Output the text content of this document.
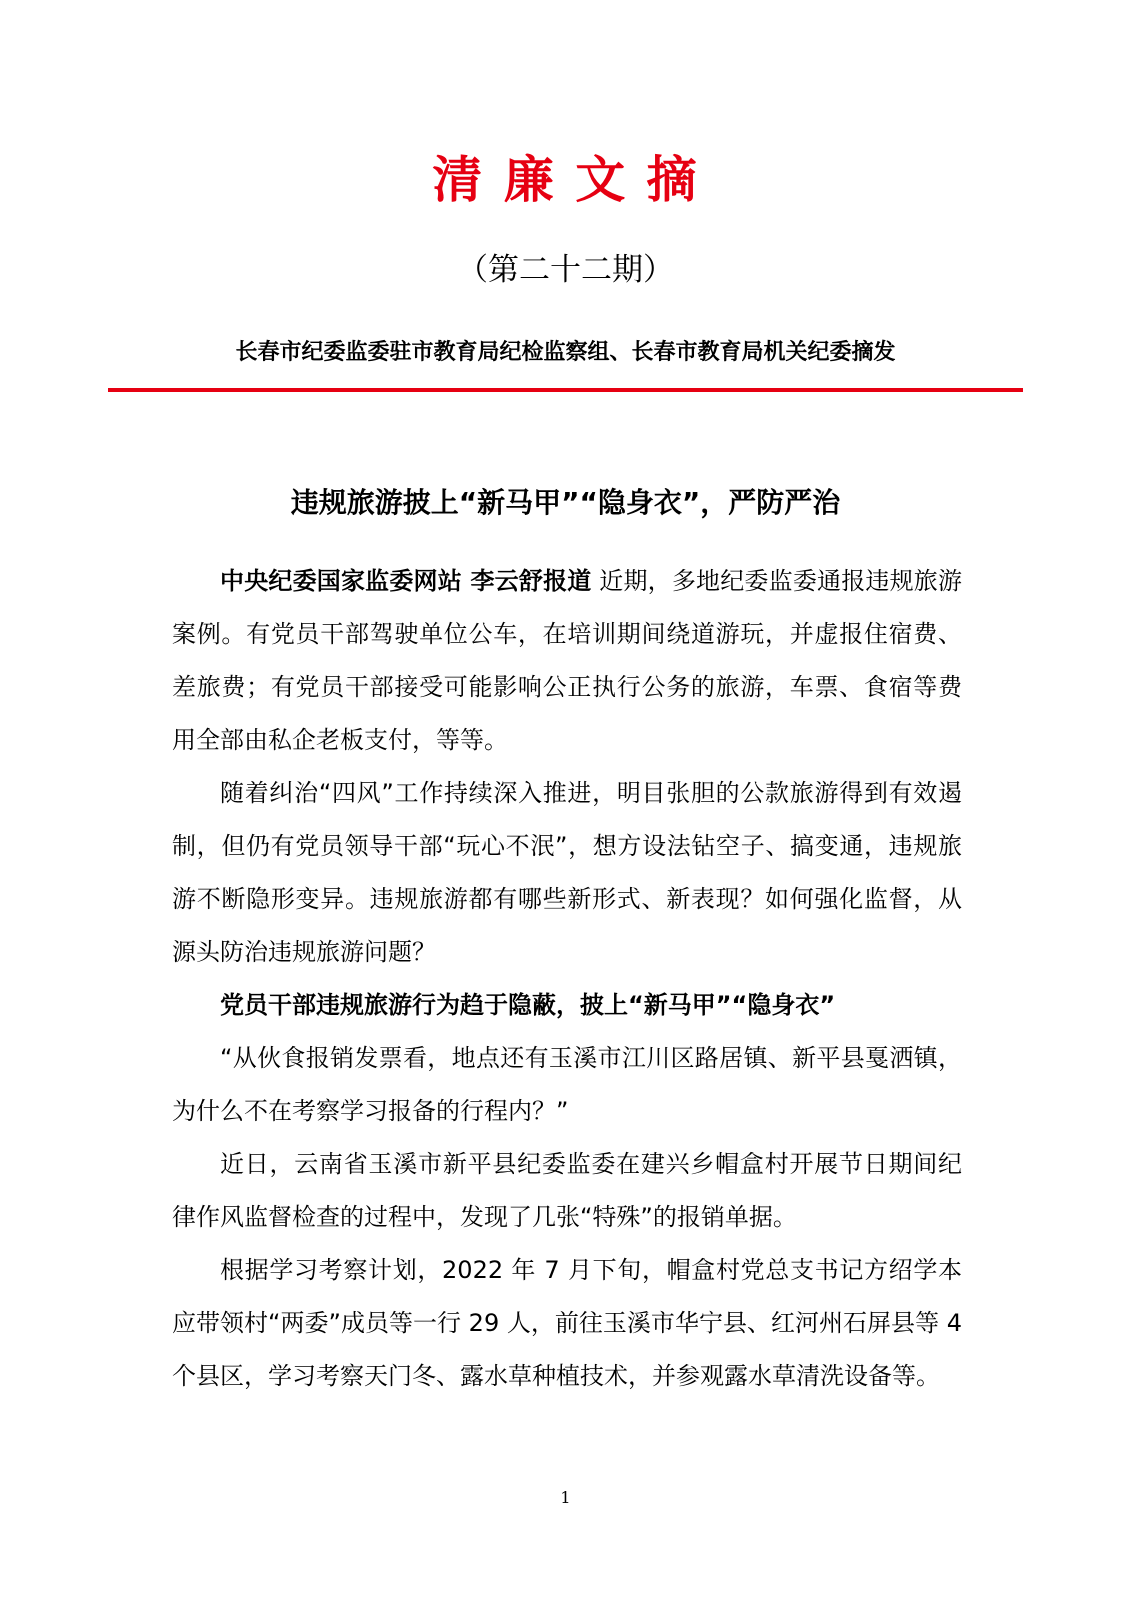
清 廉 文 摘
（第二十二期）
长春市纪委监委驻市教育局纪检监察组、长春市教育局机关纪委摘发
违规旅游披上“新马甲”“隐身衣”，严防严治

中央纪委国家监委网站 李云舒报道 近期，多地纪委监委通报违规旅游案例。有党员干部驾驶单位公车，在培训期间绕道游玩，并虚报住宿费、差旅费；有党员干部接受可能影响公正执行公务的旅游，车票、食宿等费用全部由私企老板支付，等等。

随着纠治“四风”工作持续深入推进，明目张胆的公款旅游得到有效遏制，但仍有党员领导干部“玩心不泯”，想方设法钻空子、搞变通，违规旅游不断隐形变异。违规旅游都有哪些新形式、新表现？如何强化监督，从源头防治违规旅游问题？

党员干部违规旅游行为趋于隐蔽，披上“新马甲”“隐身衣”

“从伙食报销发票看，地点还有玉溪市江川区路居镇、新平县戛洒镇，为什么不在考察学习报备的行程内？”

近日，云南省玉溪市新平县纪委监委在建兴乡帽盒村开展节日期间纪律作风监督检查的过程中，发现了几张“特殊”的报销单据。

根据学习考察计划，2022 年 7 月下旬，帽盒村党总支书记方绍学本应带领村“两委”成员等一行 29 人，前往玉溪市华宁县、红河州石屏县等 4 个县区，学习考察天门冬、露水草种植技术，并参观露水草清洗设备等。

1
